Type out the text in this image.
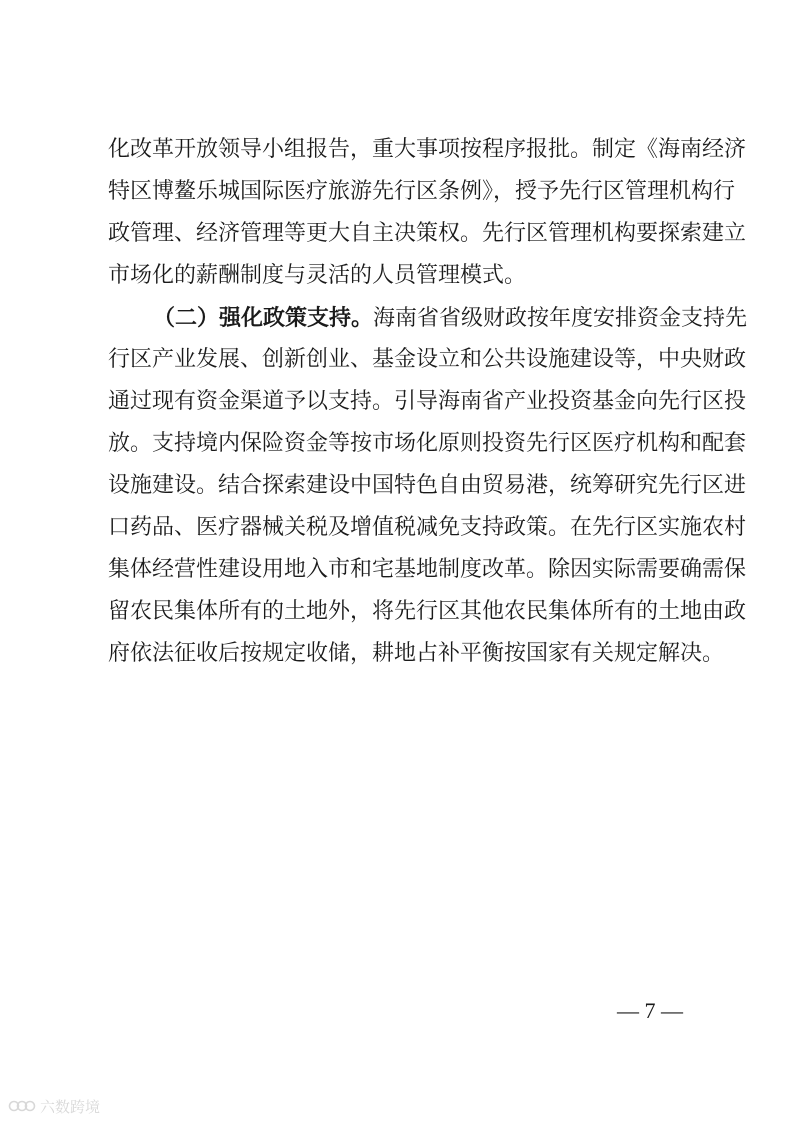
化改革开放领导小组报告，重大事项按程序报批。制定《海南经济
特区博鳌乐城国际医疗旅游先行区条例》，授予先行区管理机构行
政管理、经济管理等更大自主决策权。先行区管理机构要探索建立
市场化的薪酬制度与灵活的人员管理模式。
（二）强化政策支持。海南省省级财政按年度安排资金支持先
行区产业发展、创新创业、基金设立和公共设施建设等，中央财政
通过现有资金渠道予以支持。引导海南省产业投资基金向先行区投
放。支持境内保险资金等按市场化原则投资先行区医疗机构和配套
设施建设。结合探索建设中国特色自由贸易港，统筹研究先行区进
口药品、医疗器械关税及增值税减免支持政策。在先行区实施农村
集体经营性建设用地入市和宅基地制度改革。除因实际需要确需保
留农民集体所有的土地外，将先行区其他农民集体所有的土地由政
府依法征收后按规定收储，耕地占补平衡按国家有关规定解决。
— 7 —
六数跨境
